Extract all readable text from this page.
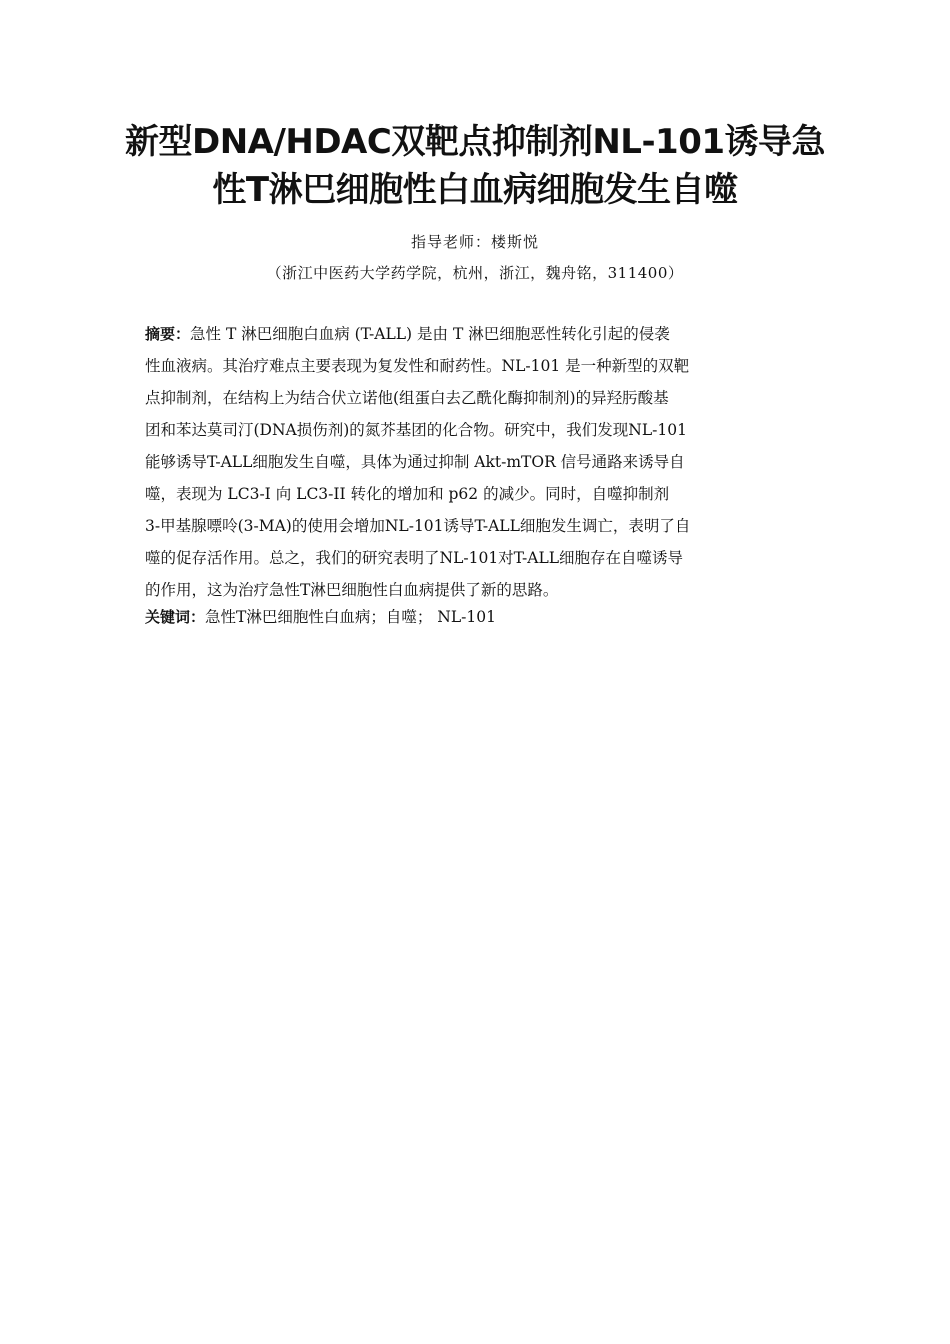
新型DNA/HDAC双靶点抑制剂NL-101诱导急
性T淋巴细胞性白血病细胞发生自噬
指导老师：楼斯悦
（浙江中医药大学药学院，杭州，浙江，魏舟铭，311400）
摘要：急性 T 淋巴细胞白血病 (T-ALL) 是由 T 淋巴细胞恶性转化引起的侵袭
性血液病。其治疗难点主要表现为复发性和耐药性。NL-101 是一种新型的双靶
点抑制剂，在结构上为结合伏立诺他(组蛋白去乙酰化酶抑制剂)的异羟肟酸基
团和苯达莫司汀(DNA损伤剂)的氮芥基团的化合物。研究中，我们发现NL-101
能够诱导T-ALL细胞发生自噬，具体为通过抑制 Akt-mTOR 信号通路来诱导自
噬，表现为 LC3-I 向 LC3-II 转化的增加和 p62 的减少。同时，自噬抑制剂
3-甲基腺嘌呤(3-MA)的使用会增加NL-101诱导T-ALL细胞发生调亡，表明了自
噬的促存活作用。总之，我们的研究表明了NL-101对T-ALL细胞存在自噬诱导
的作用，这为治疗急性T淋巴细胞性白血病提供了新的思路。
关键词：急性T淋巴细胞性白血病；自噬； NL-101
